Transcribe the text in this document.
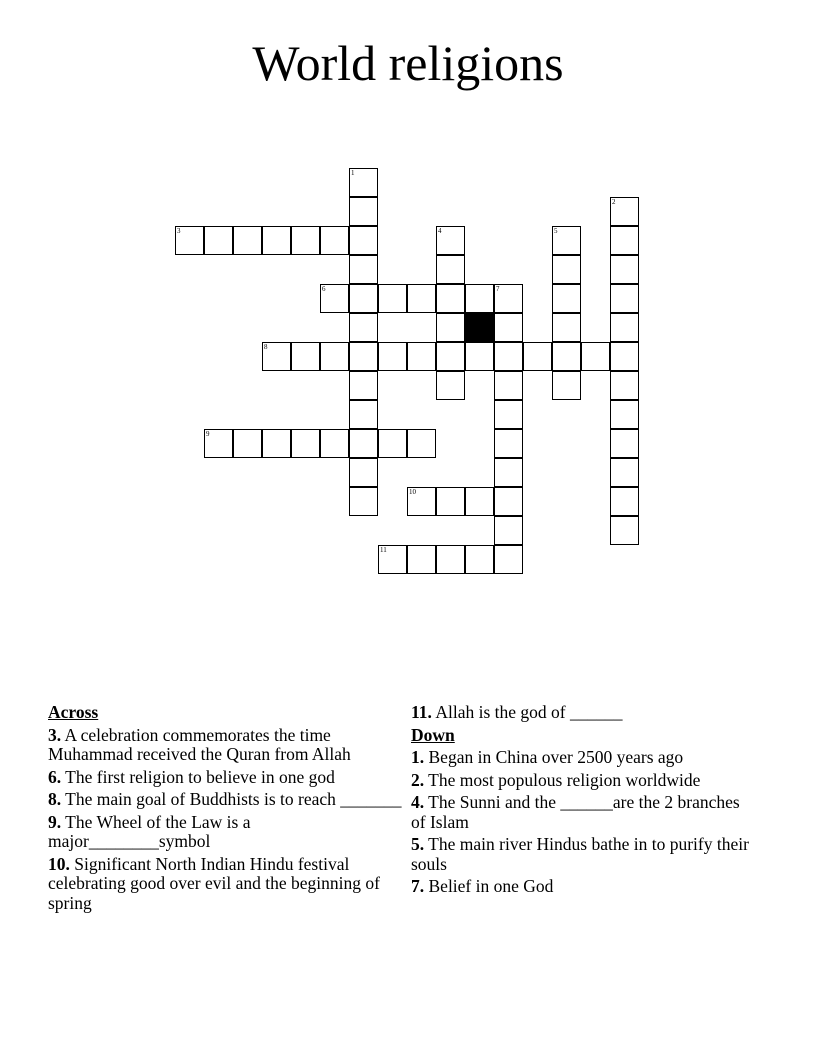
World religions
1
2
3	4	5
6	7
8
9
10
11
Across
3. A celebration commemorates the time Muhammad received the Quran from Allah
6. The first religion to believe in one god
8. The main goal of Buddhists is to reach _______
9. The Wheel of the Law is a major________symbol
10. Significant North Indian Hindu festival celebrating good over evil and the beginning of spring
11. Allah is the god of ______
Down
1. Began in China over 2500 years ago
2. The most populous religion worldwide
4. The Sunni and the ______are the 2 branches of Islam
5. The main river Hindus bathe in to purify their souls
7. Belief in one God
